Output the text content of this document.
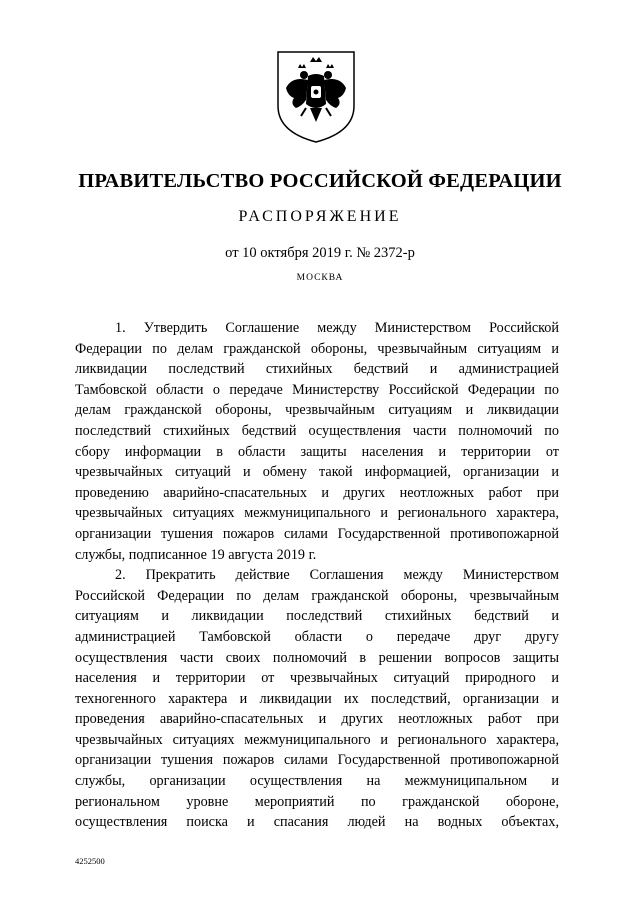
ПРАВИТЕЛЬСТВО РОССИЙСКОЙ ФЕДЕРАЦИИ
РАСПОРЯЖЕНИЕ
от 10 октября 2019 г. № 2372-р
МОСКВА
1. Утвердить Соглашение между Министерством Российской
Федерации по делам гражданской обороны, чрезвычайным ситуациям и
ликвидации последствий стихийных бедствий и администрацией
Тамбовской области о передаче Министерству Российской Федерации по
делам гражданской обороны, чрезвычайным ситуациям и ликвидации
последствий стихийных бедствий осуществления части полномочий по
сбору информации в области защиты населения и территории от
чрезвычайных ситуаций и обмену такой информацией, организации и
проведению аварийно-спасательных и других неотложных работ при
чрезвычайных ситуациях межмуниципального и регионального характера,
организации тушения пожаров силами Государственной противопожарной
службы, подписанное 19 августа 2019 г.
2. Прекратить действие Соглашения между Министерством
Российской Федерации по делам гражданской обороны, чрезвычайным
ситуациям и ликвидации последствий стихийных бедствий и
администрацией Тамбовской области о передаче друг другу
осуществления части своих полномочий в решении вопросов защиты
населения и территории от чрезвычайных ситуаций природного и
техногенного характера и ликвидации их последствий, организации и
проведения аварийно-спасательных и других неотложных работ при
чрезвычайных ситуациях межмуниципального и регионального характера,
организации тушения пожаров силами Государственной противопожарной
службы, организации осуществления на межмуниципальном и
региональном уровне мероприятий по гражданской обороне,
осуществления поиска и спасания людей на водных объектах,
4252500
